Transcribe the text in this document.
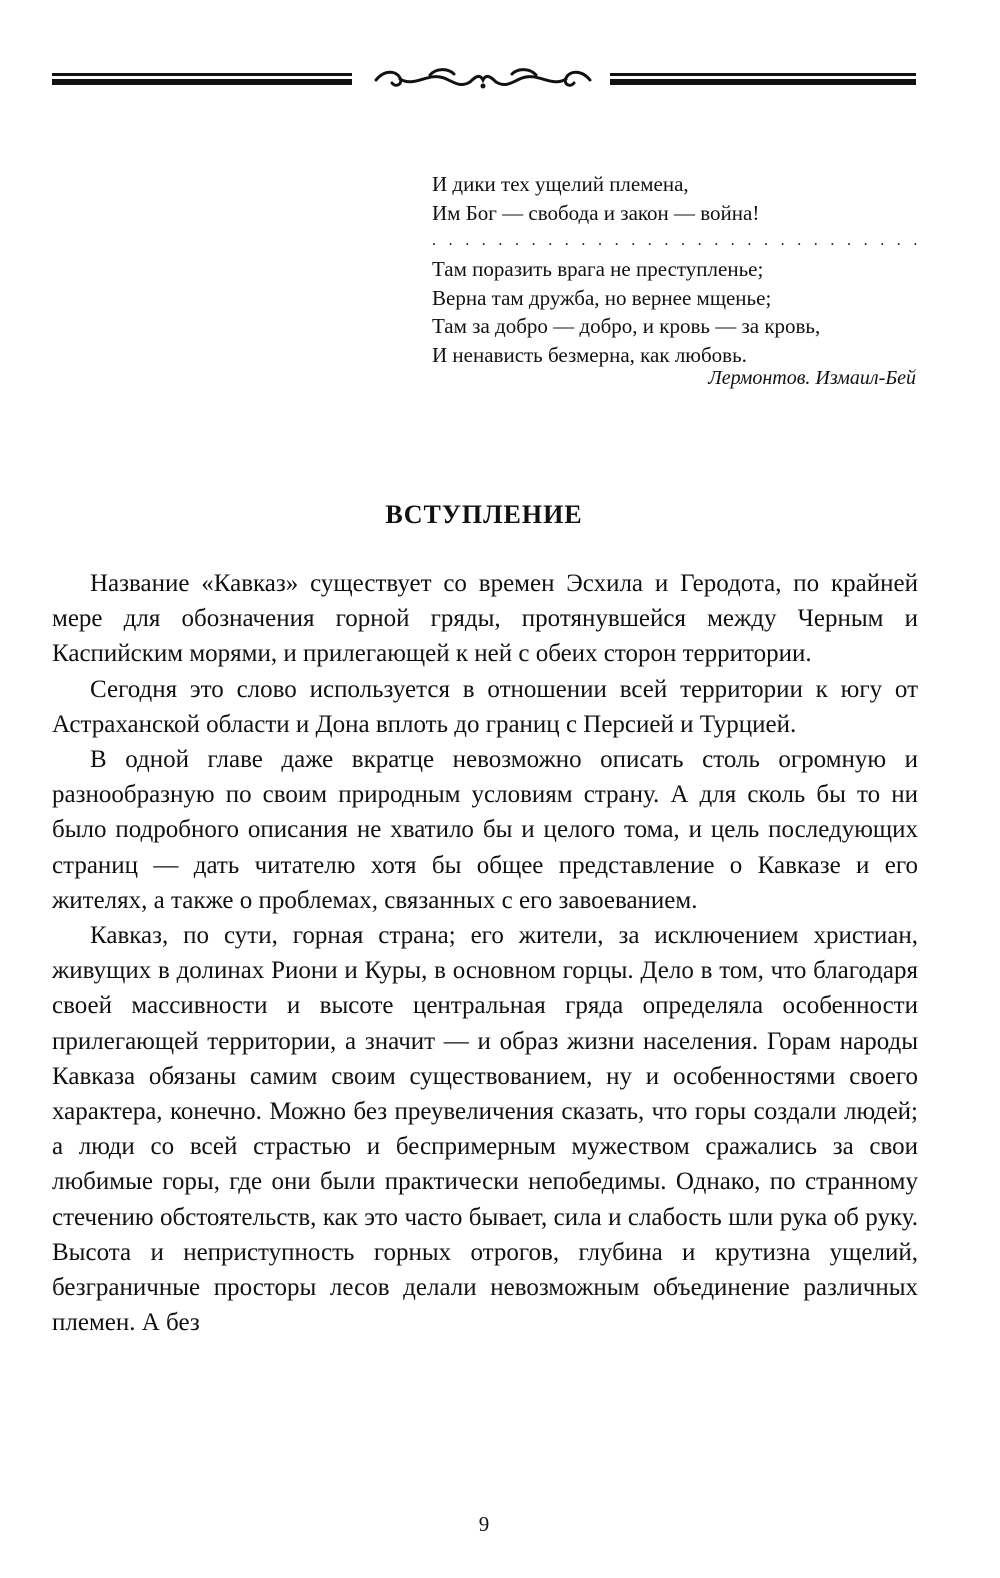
И дики тех ущелий племена,
Им Бог — свобода и закон — война!
. . . . . . . . . . . . . . . . . . . . . . . . . . . . . .
Там поразить врага не преступленье;
Верна там дружба, но вернее мщенье;
Там за добро — добро, и кровь — за кровь,
И ненависть безмерна, как любовь.
Лермонтов. Измаил-Бей
ВСТУПЛЕНИЕ

Название «Кавказ» существует со времен Эсхила и Геродота, по крайней мере для обозначения горной гряды, протянувшейся между Черным и Каспийским морями, и прилегающей к ней с обеих сторон территории.

Сегодня это слово используется в отношении всей территории к югу от Астраханской области и Дона вплоть до границ с Персией и Турцией.

В одной главе даже вкратце невозможно описать столь огромную и разнообразную по своим природным условиям страну. А для сколь бы то ни было подробного описания не хватило бы и целого тома, и цель последующих страниц — дать читателю хотя бы общее представление о Кавказе и его жителях, а также о проблемах, связанных с его завоеванием.

Кавказ, по сути, горная страна; его жители, за исключением христиан, живущих в долинах Риони и Куры, в основном горцы. Дело в том, что благодаря своей массивности и высоте центральная гряда определяла особенности прилегающей территории, а значит — и образ жизни населения. Горам народы Кавказа обязаны самим своим существованием, ну и особенностями своего характера, конечно. Можно без преувеличения сказать, что горы создали людей; а люди со всей страстью и беспримерным мужеством сражались за свои любимые горы, где они были практически непобедимы. Однако, по странному стечению обстоятельств, как это часто бывает, сила и слабость шли рука об руку. Высота и неприступность горных отрогов, глубина и крутизна ущелий, безграничные просторы лесов делали невозможным объединение различных племен. А без

9
